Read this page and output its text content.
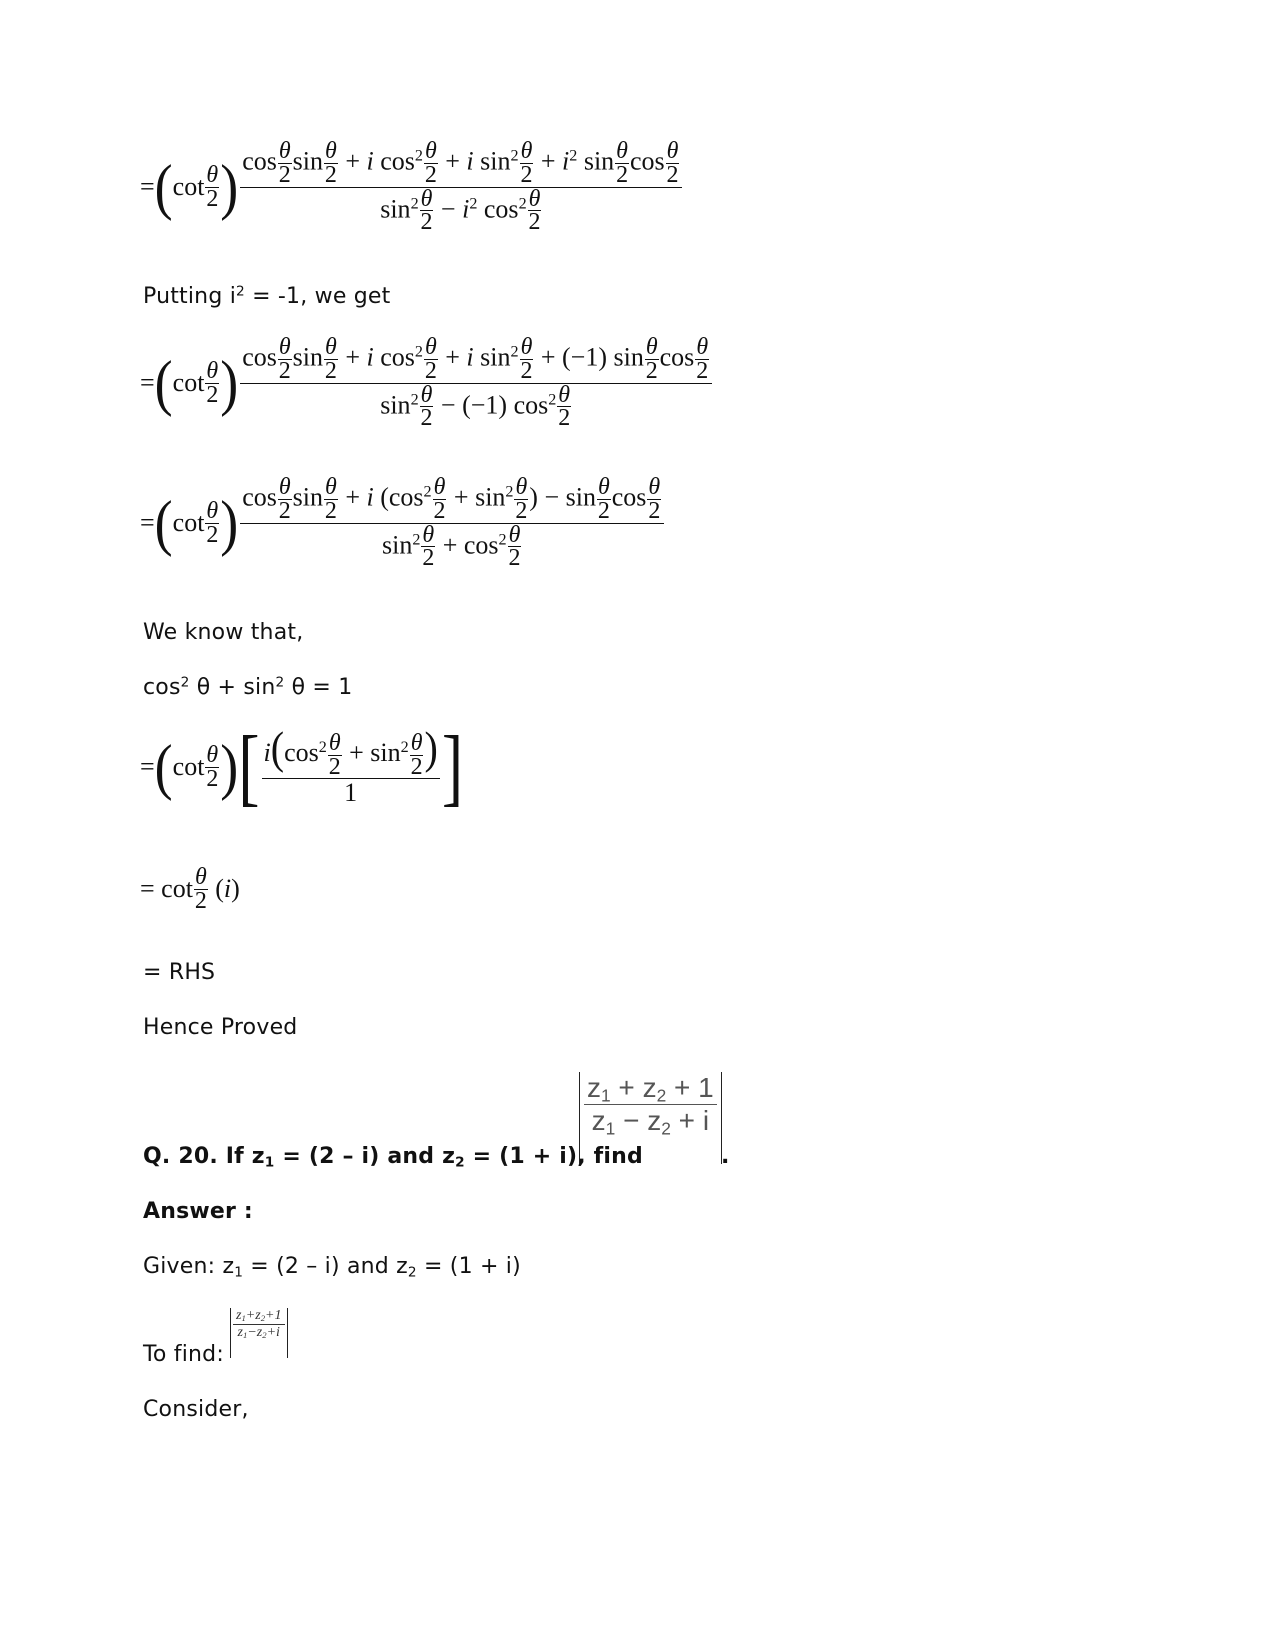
= ( cot θ
2 ) $\frac{\cos \frac{\theta}{2} \sin \frac{\theta}{2} + i \cos^2 \frac{\theta}{2} + i \sin^2 \frac{\theta}{2} + i^2 \sin \frac{\theta}{2} \cos \frac{\theta}{2}}{\sin^2 \frac{\theta}{2} - i^2 \cos^2 \frac{\theta}{2}}$
Putting $i^2 = -1$, we get
= ( cot θ
2 ) $\frac{\cos \frac{\theta}{2} \sin \frac{\theta}{2} + i \cos^2 \frac{\theta}{2} + i \sin^2 \frac{\theta}{2} + (-1) \sin \frac{\theta}{2} \cos \frac{\theta}{2}}{\sin^2 \frac{\theta}{2} - (-1) \cos^2 \frac{\theta}{2}}$
= ( cot θ
2 ) $\frac{\cos \frac{\theta}{2} \sin \frac{\theta}{2} + i (\cos^2 \frac{\theta}{2} + \sin^2 \frac{\theta}{2} ) - \sin \frac{\theta}{2} \cos \frac{\theta}{2}}{\sin^2 \frac{\theta}{2} + \cos^2 \frac{\theta}{2}}$
We know that,
$\cos^2 \theta + \sin^2 \theta = 1$
= ( cot θ
2 ) [ $\frac{i(\cos^2 \frac{\theta}{2} + \sin^2 \frac{\theta}{2} )}{1}$ ]
= cot θ
2 (i)
= RHS
Hence Proved
Q. 20. If $z_1 = (2 - i)$ and $z_2 = (1 + i)$, find
$z_1 + z_2 + 1$
$z_1 - z_2 + i$
.
Answer :
Given: $z_1 = (2 - i)$ and $z_2 = (1 + i)$
To find:
$z_1+z_2+1$
$z_1-z_2+i$
Consider,
